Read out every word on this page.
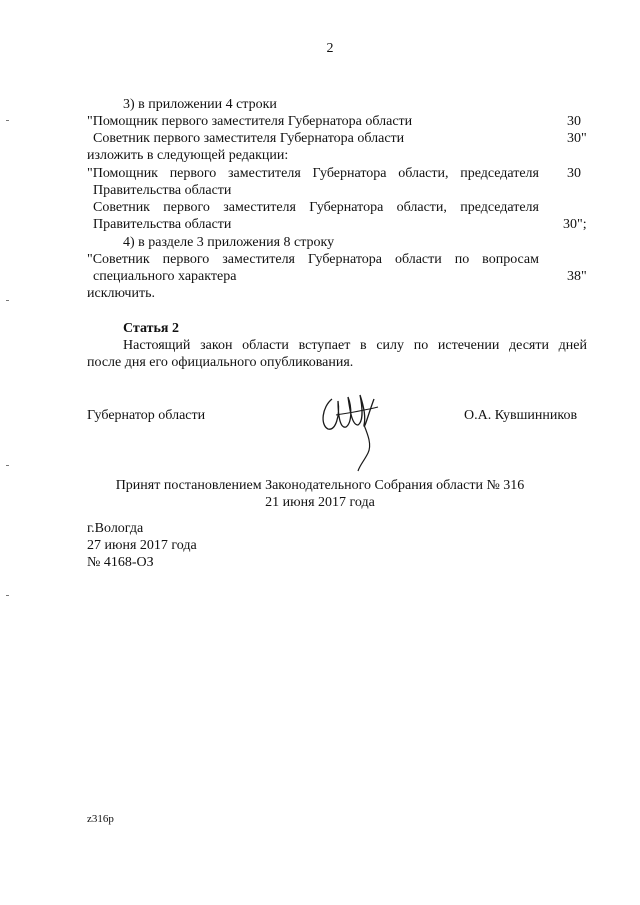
2
3) в приложении 4 строки
"Помощник первого заместителя Губернатора области	30
Советник первого заместителя Губернатора области	30"
изложить в следующей редакции:
"Помощник первого заместителя Губернатора области, председателя 30
Правительства области
Советник первого заместителя Губернатора области, председателя
Правительства области	30";
4) в разделе 3 приложения 8 строку
"Советник первого заместителя Губернатора области по вопросам
специального характера	38"
исключить.
Статья 2
Настоящий закон области вступает в силу по истечении десяти дней
после дня его официального опубликования.
Губернатор области	О.А. Кувшинников
Принят постановлением Законодательного Собрания области № 316
21 июня 2017 года
г.Вологда
27 июня 2017 года
№ 4168-ОЗ
z316p
